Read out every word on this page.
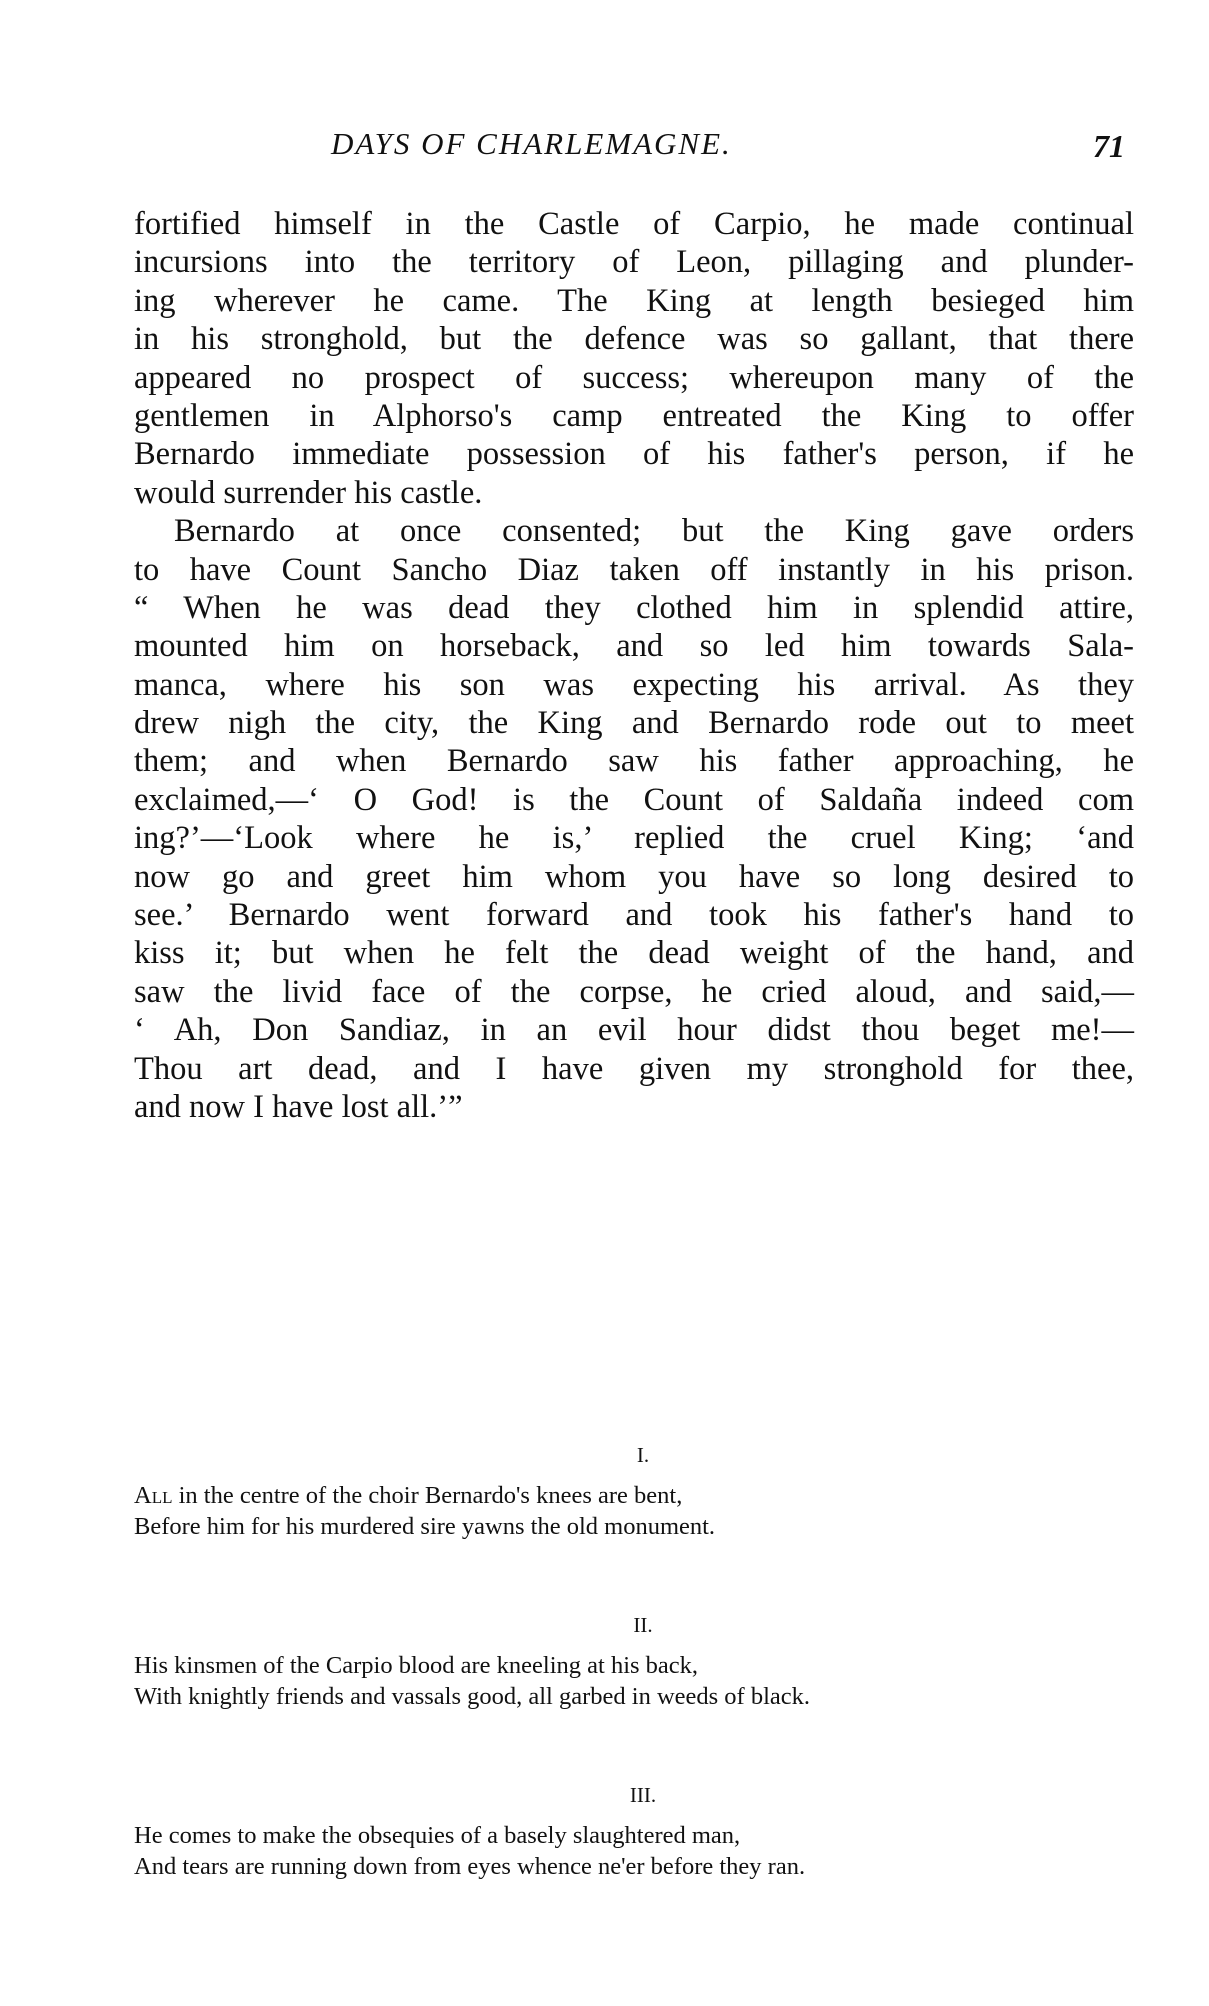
DAYS OF CHARLEMAGNE.	71
fortified himself in the Castle of Carpio, he made continual
incursions into the territory of Leon, pillaging and plunder-
ing wherever he came. The King at length besieged him
in his stronghold, but the defence was so gallant, that there
appeared no prospect of success; whereupon many of the
gentlemen in Alphorso's camp entreated the King to offer
Bernardo immediate possession of his father's person, if he
would surrender his castle.
Bernardo at once consented; but the King gave orders
to have Count Sancho Diaz taken off instantly in his prison.
“ When he was dead they clothed him in splendid attire,
mounted him on horseback, and so led him towards Sala-
manca, where his son was expecting his arrival. As they
drew nigh the city, the King and Bernardo rode out to meet
them; and when Bernardo saw his father approaching, he
exclaimed,—‘ O God! is the Count of Saldaña indeed com
ing?’—‘Look where he is,’ replied the cruel King; ‘and
now go and greet him whom you have so long desired to
see.’ Bernardo went forward and took his father's hand to
kiss it; but when he felt the dead weight of the hand, and
saw the livid face of the corpse, he cried aloud, and said,—
‘ Ah, Don Sandiaz, in an evil hour didst thou beget me!—
Thou art dead, and I have given my stronghold for thee,
and now I have lost all.’”
I.
All in the centre of the choir Bernardo's knees are bent,
Before him for his murdered sire yawns the old monument.
II.
His kinsmen of the Carpio blood are kneeling at his back,
With knightly friends and vassals good, all garbed in weeds of black.
III.
He comes to make the obsequies of a basely slaughtered man,
And tears are running down from eyes whence ne'er before they ran.
